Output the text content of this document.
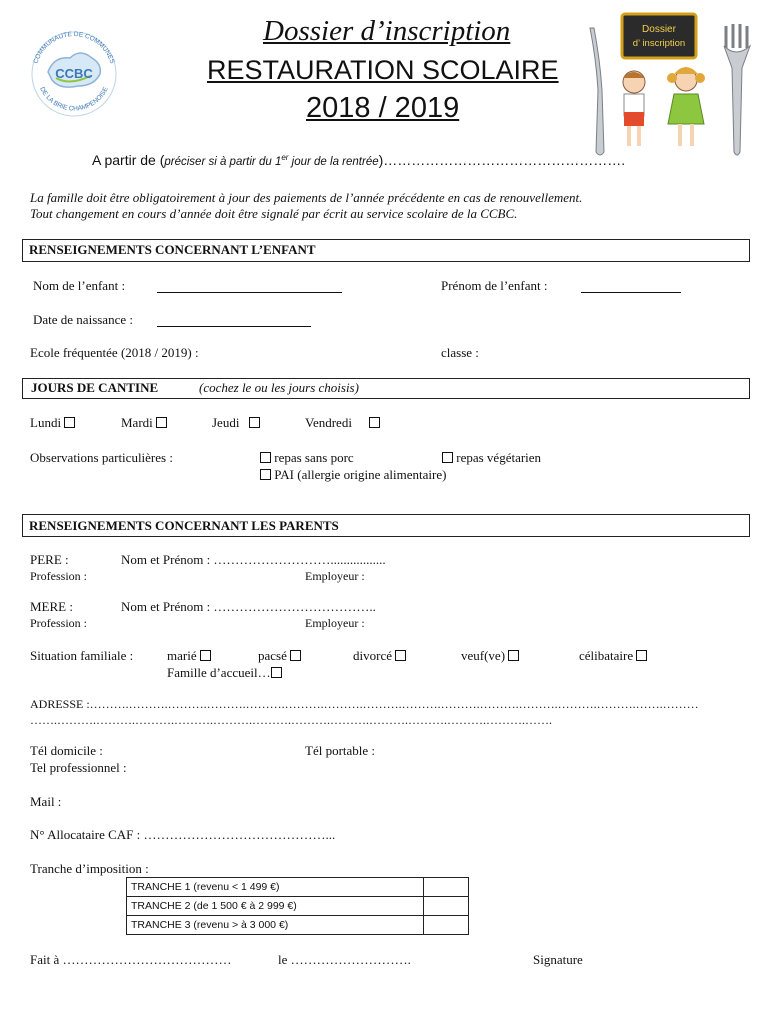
CCBC
COMMUNAUTE DE COMMUNES
DE LA BRIE CHAMPENOISE
Dossier d’inscription
RESTAURATION SCOLAIRE
2018 / 2019
Dossier
d’ inscription
A partir de (préciser si à partir du 1er jour de la rentrée)…………………………………………….
La famille doit être obligatoirement à jour des paiements de l’année précédente en cas de renouvellement.
Tout changement en cours d’année doit être signalé par écrit au service scolaire de la CCBC.
RENSEIGNEMENTS CONCERNANT L’ENFANT
Nom de l’enfant :	Prénom de l’enfant :
Date de naissance :
Ecole fréquentée (2018 / 2019) :	classe :
JOURS DE CANTINE	(cochez le ou les jours choisis)
Lundi	Mardi	Jeudi	Vendredi
Observations particulières :	repas sans porc	repas végétarien
PAI (allergie origine alimentaire)
RENSEIGNEMENTS CONCERNANT LES PARENTS
PERE :	Nom et Prénom : ……………………….................
Profession :	Employeur :
MERE :	Nom et Prénom : ………………………………..
Profession :	Employeur :
Situation familiale :	marié	pacsé	divorcé	veuf(ve)	célibataire
Famille d’accueil…
ADRESSE :……….……….……….……….……….……….……….……….……….……….……….……….……….……….…….………
…….……….……….……….……….……….……….……….……….……….……….……….……….…….
Tél domicile :	Tél portable :
Tel professionnel :
Mail :
N° Allocataire CAF : ……………………………………...
Tranche d’imposition :
TRANCHE 1 (revenu < 1 499 €)	
TRANCHE 2 (de 1 500 € à 2 999 €)	
TRANCHE 3 (revenu > à 3 000 €)	
Fait à …………………………………	le ……………………….	Signature
